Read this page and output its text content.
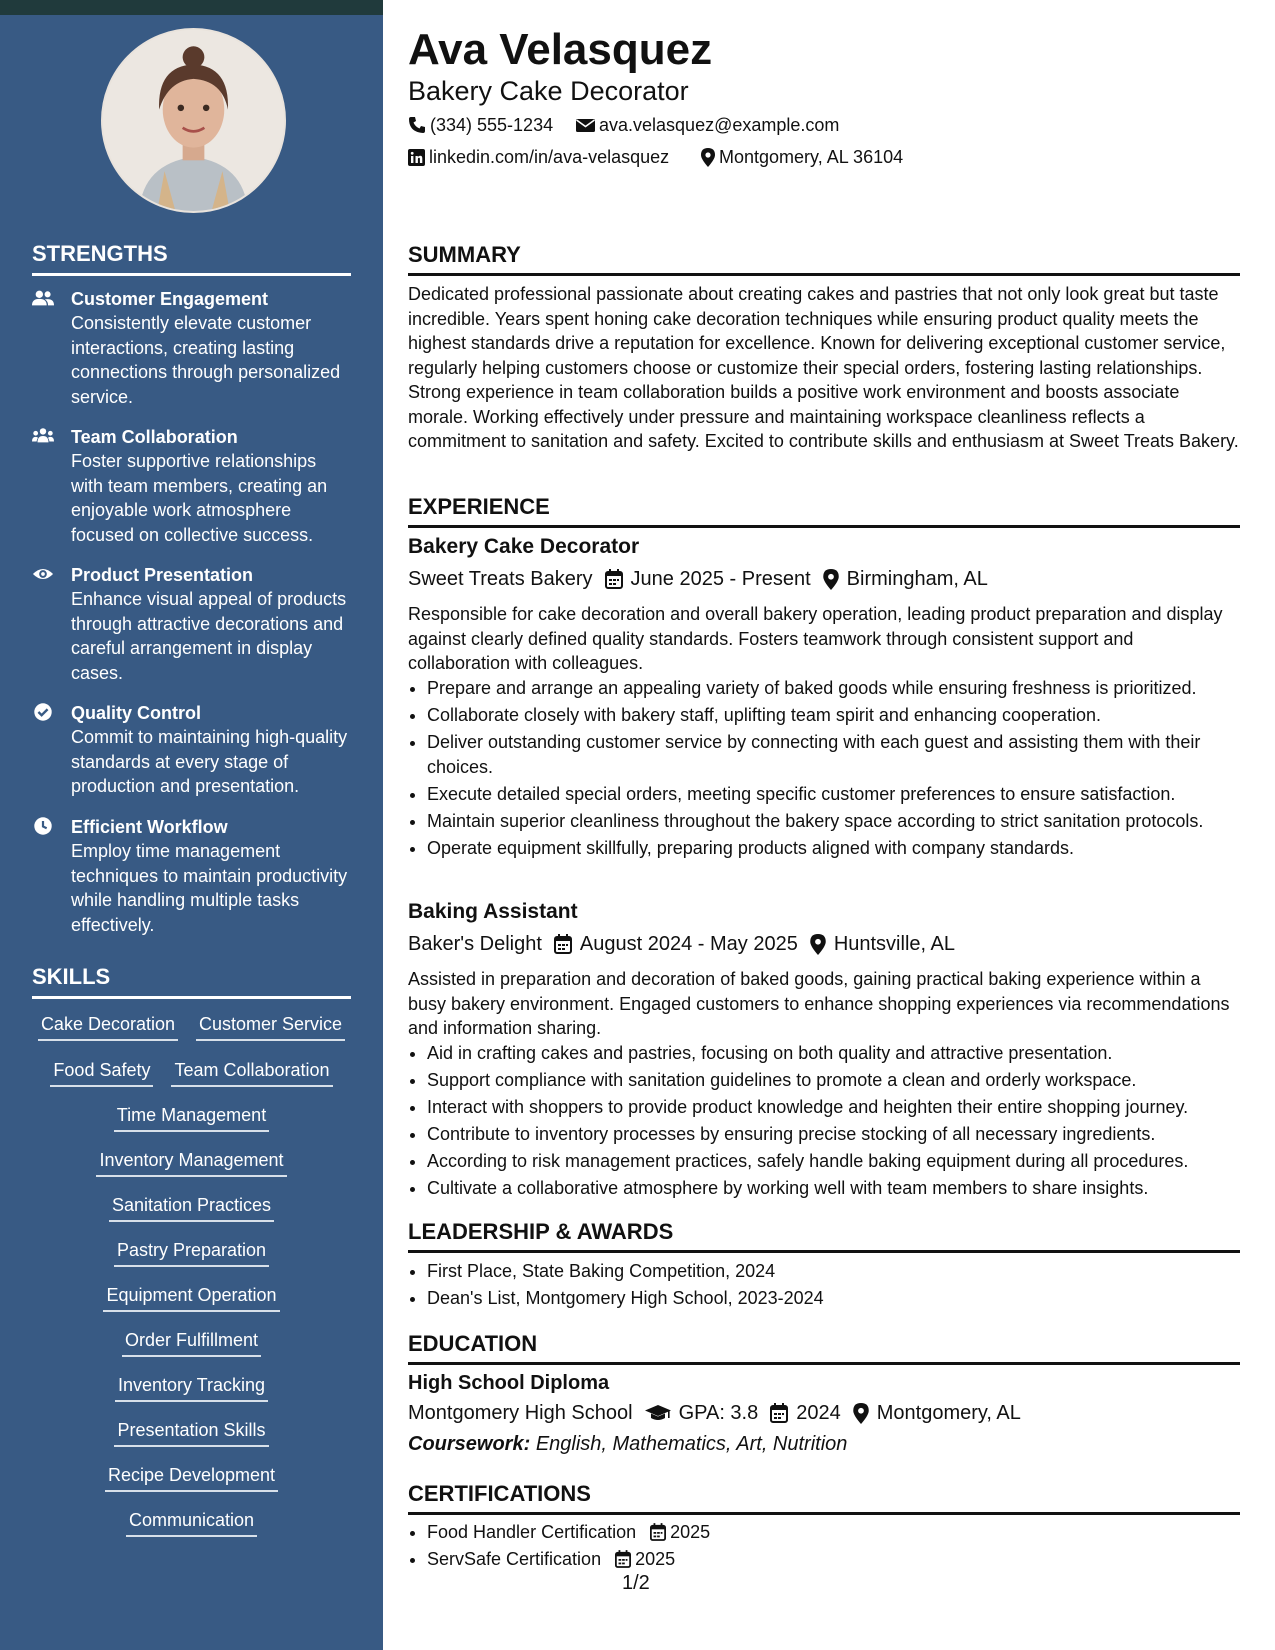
STRENGTHS
Customer Engagement
Consistently elevate customer interactions, creating lasting connections through personalized service.
Team Collaboration
Foster supportive relationships with team members, creating an enjoyable work atmosphere focused on collective success.
Product Presentation
Enhance visual appeal of products through attractive decorations and careful arrangement in display cases.
Quality Control
Commit to maintaining high-quality standards at every stage of production and presentation.
Efficient Workflow
Employ time management techniques to maintain productivity while handling multiple tasks effectively.
SKILLS
Cake Decoration Customer Service
Food Safety Team Collaboration
Time Management
Inventory Management
Sanitation Practices
Pastry Preparation
Equipment Operation
Order Fulfillment
Inventory Tracking
Presentation Skills
Recipe Development
Communication
Ava Velasquez
Bakery Cake Decorator
(334) 555-1234	ava.velasquez@example.com
linkedin.com/in/ava-velasquez	Montgomery, AL 36104
SUMMARY
Dedicated professional passionate about creating cakes and pastries that not only look great but taste incredible. Years spent honing cake decoration techniques while ensuring product quality meets the highest standards drive a reputation for excellence. Known for delivering exceptional customer service, regularly helping customers choose or customize their special orders, fostering lasting relationships. Strong experience in team collaboration builds a positive work environment and boosts associate morale. Working effectively under pressure and maintaining workspace cleanliness reflects a commitment to sanitation and safety. Excited to contribute skills and enthusiasm at Sweet Treats Bakery.
EXPERIENCE
Bakery Cake Decorator
Sweet Treats Bakery June 2025 - Present Birmingham, AL
Responsible for cake decoration and overall bakery operation, leading product preparation and display against clearly defined quality standards. Fosters teamwork through consistent support and collaboration with colleagues.
• Prepare and arrange an appealing variety of baked goods while ensuring freshness is prioritized.
• Collaborate closely with bakery staff, uplifting team spirit and enhancing cooperation.
• Deliver outstanding customer service by connecting with each guest and assisting them with their choices.
• Execute detailed special orders, meeting specific customer preferences to ensure satisfaction.
• Maintain superior cleanliness throughout the bakery space according to strict sanitation protocols.
• Operate equipment skillfully, preparing products aligned with company standards.
Baking Assistant
Baker's Delight August 2024 - May 2025 Huntsville, AL
Assisted in preparation and decoration of baked goods, gaining practical baking experience within a busy bakery environment. Engaged customers to enhance shopping experiences via recommendations and information sharing.
• Aid in crafting cakes and pastries, focusing on both quality and attractive presentation.
• Support compliance with sanitation guidelines to promote a clean and orderly workspace.
• Interact with shoppers to provide product knowledge and heighten their entire shopping journey.
• Contribute to inventory processes by ensuring precise stocking of all necessary ingredients.
• According to risk management practices, safely handle baking equipment during all procedures.
• Cultivate a collaborative atmosphere by working well with team members to share insights.
LEADERSHIP & AWARDS
• First Place, State Baking Competition, 2024
• Dean's List, Montgomery High School, 2023-2024
EDUCATION
High School Diploma
Montgomery High School GPA: 3.8 2024 Montgomery, AL
Coursework: English, Mathematics, Art, Nutrition
CERTIFICATIONS
• Food Handler Certification 2025
• ServSafe Certification 2025
1/2
